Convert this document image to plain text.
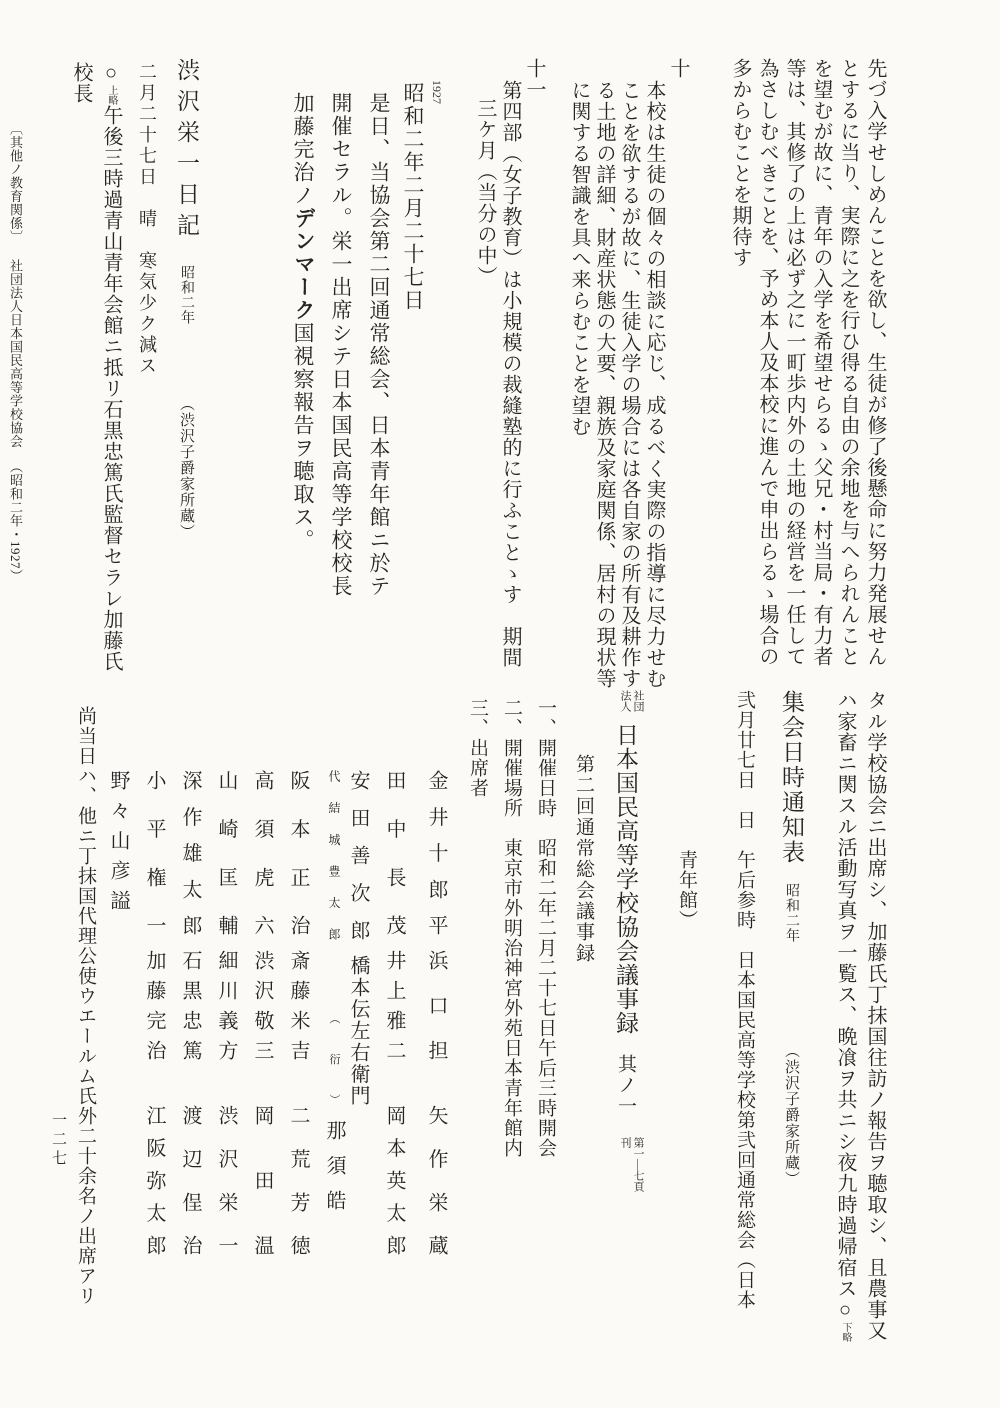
先づ入学せしめんことを欲し、生徒が修了後懸命に努力発展せん
とするに当り、実際に之を行ひ得る自由の余地を与へられんこと
を望むが故に、青年の入学を希望せらるゝ父兄・村当局・有力者
等は、其修了の上は必ず之に一町歩内外の土地の経営を一任して
為さしむべきことを、予め本人及本校に進んで申出らるゝ場合の
多からむことを期待す
十
本校は生徒の個々の相談に応じ、成るべく実際の指導に尽力せむ
ことを欲するが故に、生徒入学の場合には各自家の所有及耕作す
る土地の詳細、財産状態の大要、親族及家庭関係、居村の現状等
に関する智識を具へ来らむことを望む
十一
第四部（女子教育）は小規模の裁縫塾的に行ふことゝす　期間
三ケ月（当分の中）
1927
昭和二年二月二十七日
是日、当協会第二回通常総会、日本青年館ニ於テ
開催セラル。栄一出席シテ日本国民高等学校校長
加藤完治ノデンマーク国視察報告ヲ聴取ス。
渋沢栄一日記 昭和二年 （渋沢子爵家所蔵）
二月二十七日　晴　寒気少ク減ス
○上略午後三時過青山青年会館ニ抵リ石黒忠篤氏監督セラレ加藤氏校長
〔其他ノ教育関係〕 社団法人日本国民高等学校協会 （昭和二年・1927）
タル学校協会ニ出席シ、加藤氏丁抹国往訪ノ報告ヲ聴取シ、且農事又
ハ家畜ニ関スル活動写真ヲ一覧ス、晩飡ヲ共ニシ夜九時過帰宿ス○下略
集会日時通知表 昭和二年 （渋沢子爵家所蔵）
弐月廿七日　日　午后参時　日本国民高等学校第弐回通常総会（日本
青年館）
社団
法人
日本国民高等学校協会議事録 其ノ一
第一―七頁
刊
第二回通常総会議事録
一、開催日時　昭和二年二月二十七日午后三時開会
二、開催場所　東京市外明治神宮外苑日本青年館内
三、出席者
金井十郎平 浜口担 矢作栄蔵
田中長茂 井上雅二 岡本英太郎
安田善次郎
代結城豊太郎

橋本伝左右衛門
（衍）
那須皓
阪本正治 斎藤米吉 二荒芳徳
高須虎六 渋沢敬三 岡田温
山崎匡輔 細川義方 渋沢栄一
深作雄太郎 石黒忠篤 渡辺侱治
小平権一 加藤完治 江阪弥太郎
野々山彦謚
尚当日ハ、他ニ丁抹国代理公使ウエールム氏外二十余名ノ出席アリ
一二七
